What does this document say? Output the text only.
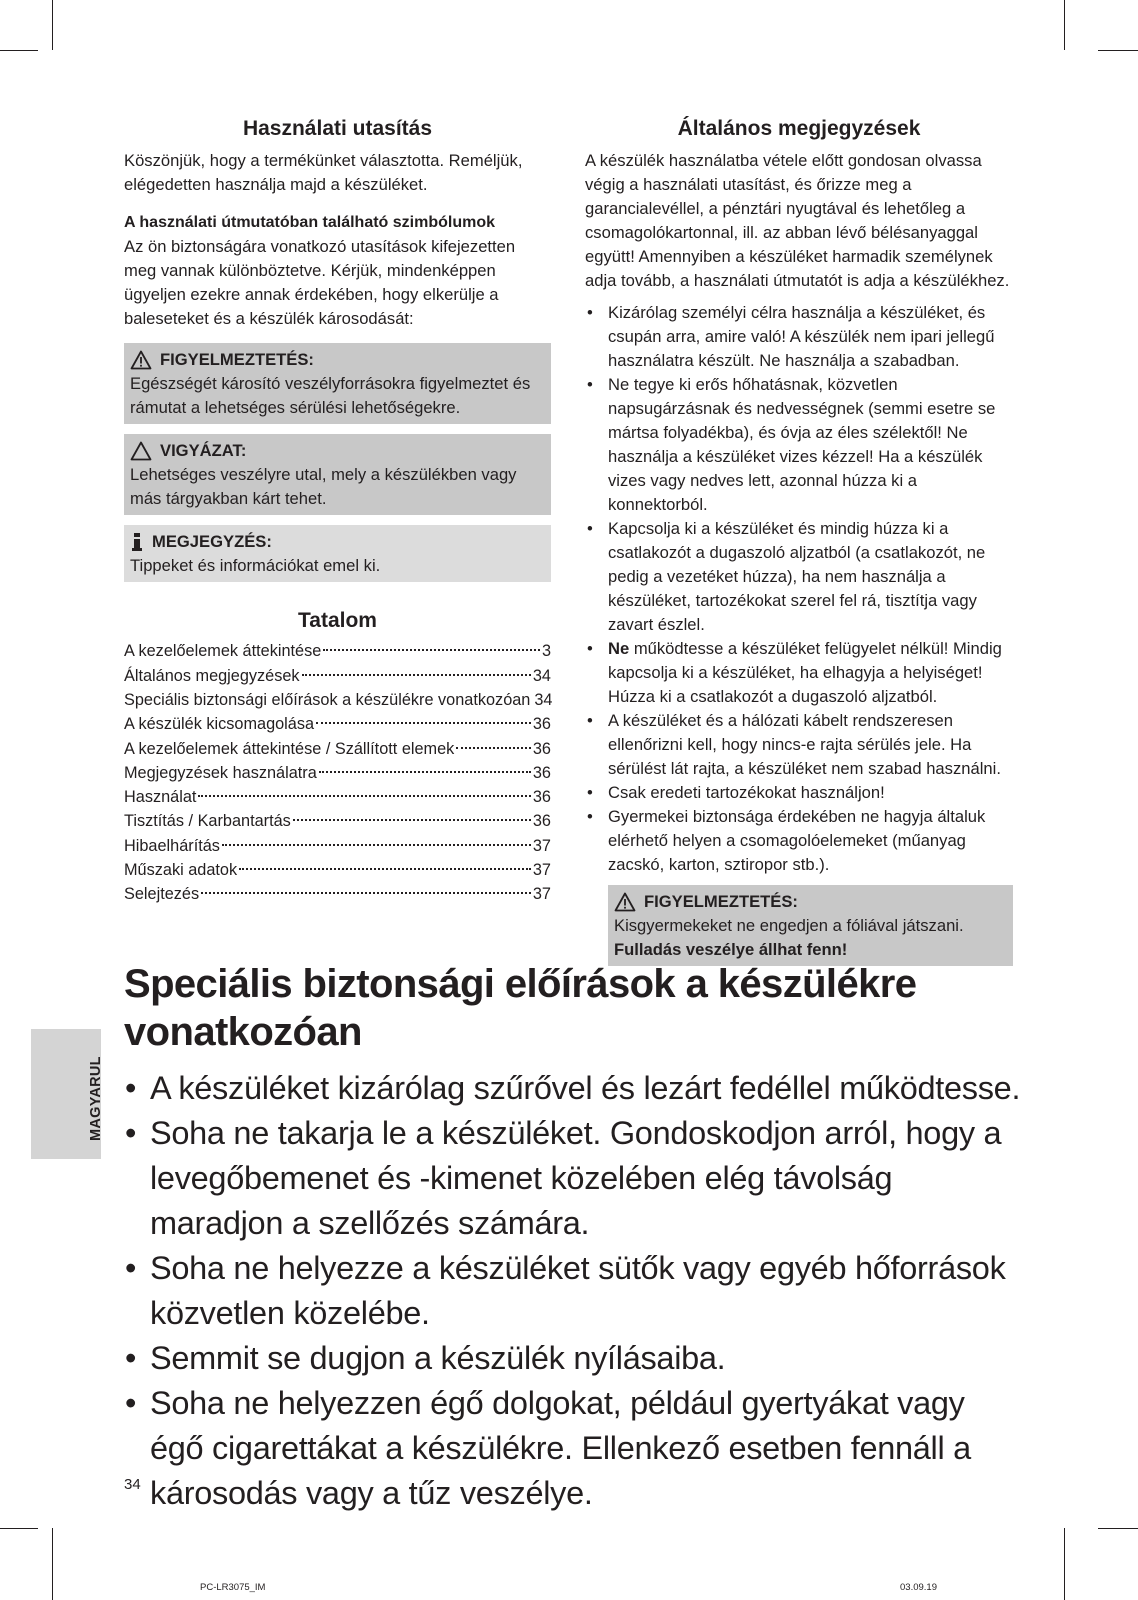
Használati utasítás

Köszönjük, hogy a termékünket választotta. Reméljük, elégedetten használja majd a készüléket.

A használati útmutatóban található szimbólumok

Az ön biztonságára vonatkozó utasítások kifejezetten meg vannak különböztetve. Kérjük, mindenképpen ügyeljen ezekre annak érdekében, hogy elkerülje a baleseteket és a készülék károsodását:

FIGYELMEZTETÉS:
Egészségét károsító veszélyforrásokra figyelmeztet és rámutat a lehetséges sérülési lehetőségekre.
VIGYÁZAT:
Lehetséges veszélyre utal, mely a készülékben vagy más tárgyakban kárt tehet.
MEGJEGYZÉS:
Tippeket és információkat emel ki.
Tatalom
A kezelőelemek áttekintése	3
Általános megjegyzések	34
Speciális biztonsági előírások a készülékre vonatkozóan 34
A készülék kicsomagolása	36
A kezelőelemek áttekintése / Szállított elemek	36
Megjegyzések használatra	36
Használat	36
Tisztítás / Karbantartás	36
Hibaelhárítás	37
Műszaki adatok	37
Selejtezés	37
Általános megjegyzések

A készülék használatba vétele előtt gondosan olvassa végig a használati utasítást, és őrizze meg a garancialevéllel, a pénztári nyugtával és lehetőleg a csomagolókartonnal, ill. az abban lévő bélésanyaggal együtt! Amennyiben a készüléket harmadik személynek adja tovább, a használati útmutatót is adja a készülékhez.

• Kizárólag személyi célra használja a készüléket, és csupán arra, amire való! A készülék nem ipari jellegű használatra készült. Ne használja a szabadban.
• Ne tegye ki erős hőhatásnak, közvetlen napsugárzásnak és nedvességnek (semmi esetre se mártsa folyadékba), és óvja az éles szélektől! Ne használja a készüléket vizes kézzel! Ha a készülék vizes vagy nedves lett, azonnal húzza ki a konnektorból.
• Kapcsolja ki a készüléket és mindig húzza ki a csatlakozót a dugaszoló aljzatból (a csatlakozót, ne pedig a vezetéket húzza), ha nem használja a készüléket, tartozékokat szerel fel rá, tisztítja vagy zavart észlel.
• Ne működtesse a készüléket felügyelet nélkül! Mindig kapcsolja ki a készüléket, ha elhagyja a helyiséget! Húzza ki a csatlakozót a dugaszoló aljzatból.
• A készüléket és a hálózati kábelt rendszeresen ellenőrizni kell, hogy nincs-e rajta sérülés jele. Ha sérülést lát rajta, a készüléket nem szabad használni.
• Csak eredeti tartozékokat használjon!
• Gyermekei biztonsága érdekében ne hagyja általuk elérhető helyen a csomagolóelemeket (műanyag zacskó, karton, sztiropor stb.).
FIGYELMEZTETÉS:
Kisgyermekeket ne engedjen a fóliával játszani.
Fulladás veszélye állhat fenn!
Speciális biztonsági előírások a készülékre vonatkozóan
• A készüléket kizárólag szűrővel és lezárt fedéllel működtesse.
• Soha ne takarja le a készüléket. Gondoskodjon arról, hogy a levegőbemenet és -kimenet közelében elég távolság maradjon a szellőzés számára.
• Soha ne helyezze a készüléket sütők vagy egyéb hőforrások közvetlen közelébe.
• Semmit se dugjon a készülék nyílásaiba.
• Soha ne helyezzen égő dolgokat, például gyertyákat vagy égő cigarettákat a készülékre. Ellenkező esetben fennáll a károsodás vagy a tűz veszélye.
MAGYARUL
34
PC-LR3075_IM	03.09.19
